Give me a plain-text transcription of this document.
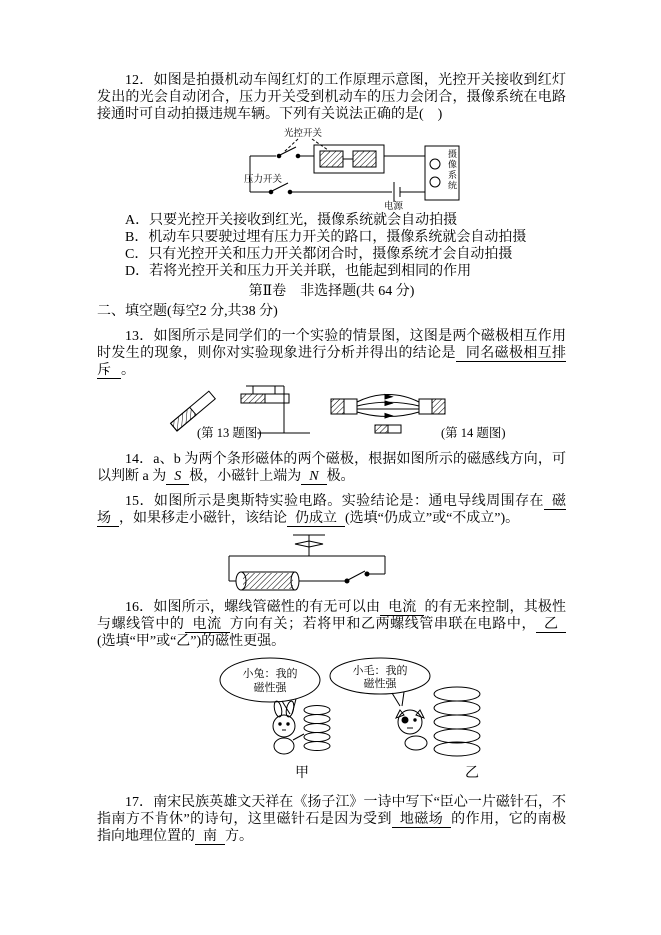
12．如图是拍摄机动车闯红灯的工作原理示意图，光控开关接收到红灯发出的光会自动闭合，压力开关受到机动车的压力会闭合，摄像系统在电路接通时可自动拍摄违规车辆。下列有关说法正确的是(　)

光控开关
压力开关
电源
摄像系统

A．只要光控开关接收到红光，摄像系统就会自动拍摄

B．机动车只要驶过埋有压力开关的路口，摄像系统就会自动拍摄

C．只有光控开关和压力开关都闭合时，摄像系统才会自动拍摄

D．若将光控开关和压力开关并联，也能起到相同的作用

第Ⅱ卷　非选择题(共 64 分)

二、填空题(每空2 分,共38 分)

13．如图所示是同学们的一个实验的情景图，这图是两个磁极相互作用时发生的现象，则你对实验现象进行分析并得出的结论是 同名磁极相互排斥 。

(第 13 题图)	(第 14 题图)

14．a、b 为两个条形磁体的两个磁极，根据如图所示的磁感线方向，可以判断 a 为 S 极，小磁针上端为 N 极。

15．如图所示是奥斯特实验电路。实验结论是：通电导线周围存在 磁场 ，如果移走小磁针，该结论 仍成立 (选填“仍成立”或“不成立”)。

16．如图所示，螺线管磁性的有无可以由 电流 的有无来控制，其极性与螺线管中的 电流 方向有关；若将甲和乙两螺线管串联在电路中， 乙(选填“甲”或“乙”)的磁性更强。

小兔：我的
磁性强
小毛：我的
磁性强
甲	乙

17．南宋民族英雄文天祥在《扬子江》一诗中写下“臣心一片磁针石，不指南方不肯休”的诗句，这里磁针石是因为受到 地磁场 的作用，它的南极指向地理位置的 南 方。
